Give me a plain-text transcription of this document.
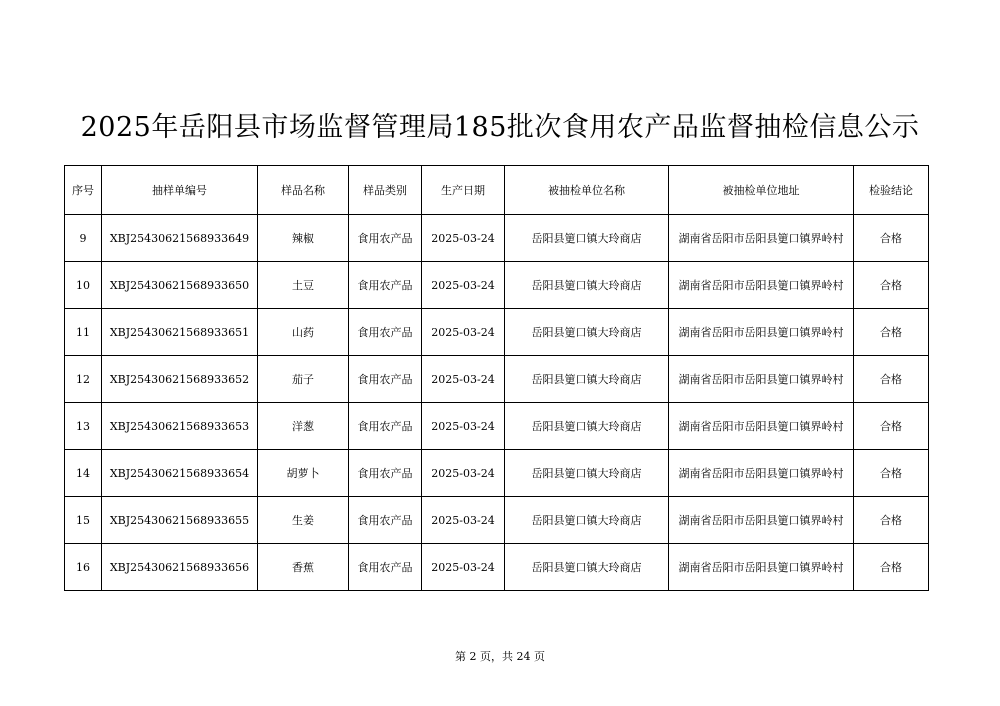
2025年岳阳县市场监督管理局185批次食用农产品监督抽检信息公示
序号	抽样单编号	样品名称	样品类别	生产日期	被抽检单位名称	被抽检单位地址	检验结论
9	XBJ25430621568933649	辣椒	食用农产品	2025-03-24	岳阳县筻口镇大玲商店	湖南省岳阳市岳阳县筻口镇界岭村	合格
10	XBJ25430621568933650	土豆	食用农产品	2025-03-24	岳阳县筻口镇大玲商店	湖南省岳阳市岳阳县筻口镇界岭村	合格
11	XBJ25430621568933651	山药	食用农产品	2025-03-24	岳阳县筻口镇大玲商店	湖南省岳阳市岳阳县筻口镇界岭村	合格
12	XBJ25430621568933652	茄子	食用农产品	2025-03-24	岳阳县筻口镇大玲商店	湖南省岳阳市岳阳县筻口镇界岭村	合格
13	XBJ25430621568933653	洋葱	食用农产品	2025-03-24	岳阳县筻口镇大玲商店	湖南省岳阳市岳阳县筻口镇界岭村	合格
14	XBJ25430621568933654	胡萝卜	食用农产品	2025-03-24	岳阳县筻口镇大玲商店	湖南省岳阳市岳阳县筻口镇界岭村	合格
15	XBJ25430621568933655	生姜	食用农产品	2025-03-24	岳阳县筻口镇大玲商店	湖南省岳阳市岳阳县筻口镇界岭村	合格
16	XBJ25430621568933656	香蕉	食用农产品	2025-03-24	岳阳县筻口镇大玲商店	湖南省岳阳市岳阳县筻口镇界岭村	合格
第 2 页，共 24 页
